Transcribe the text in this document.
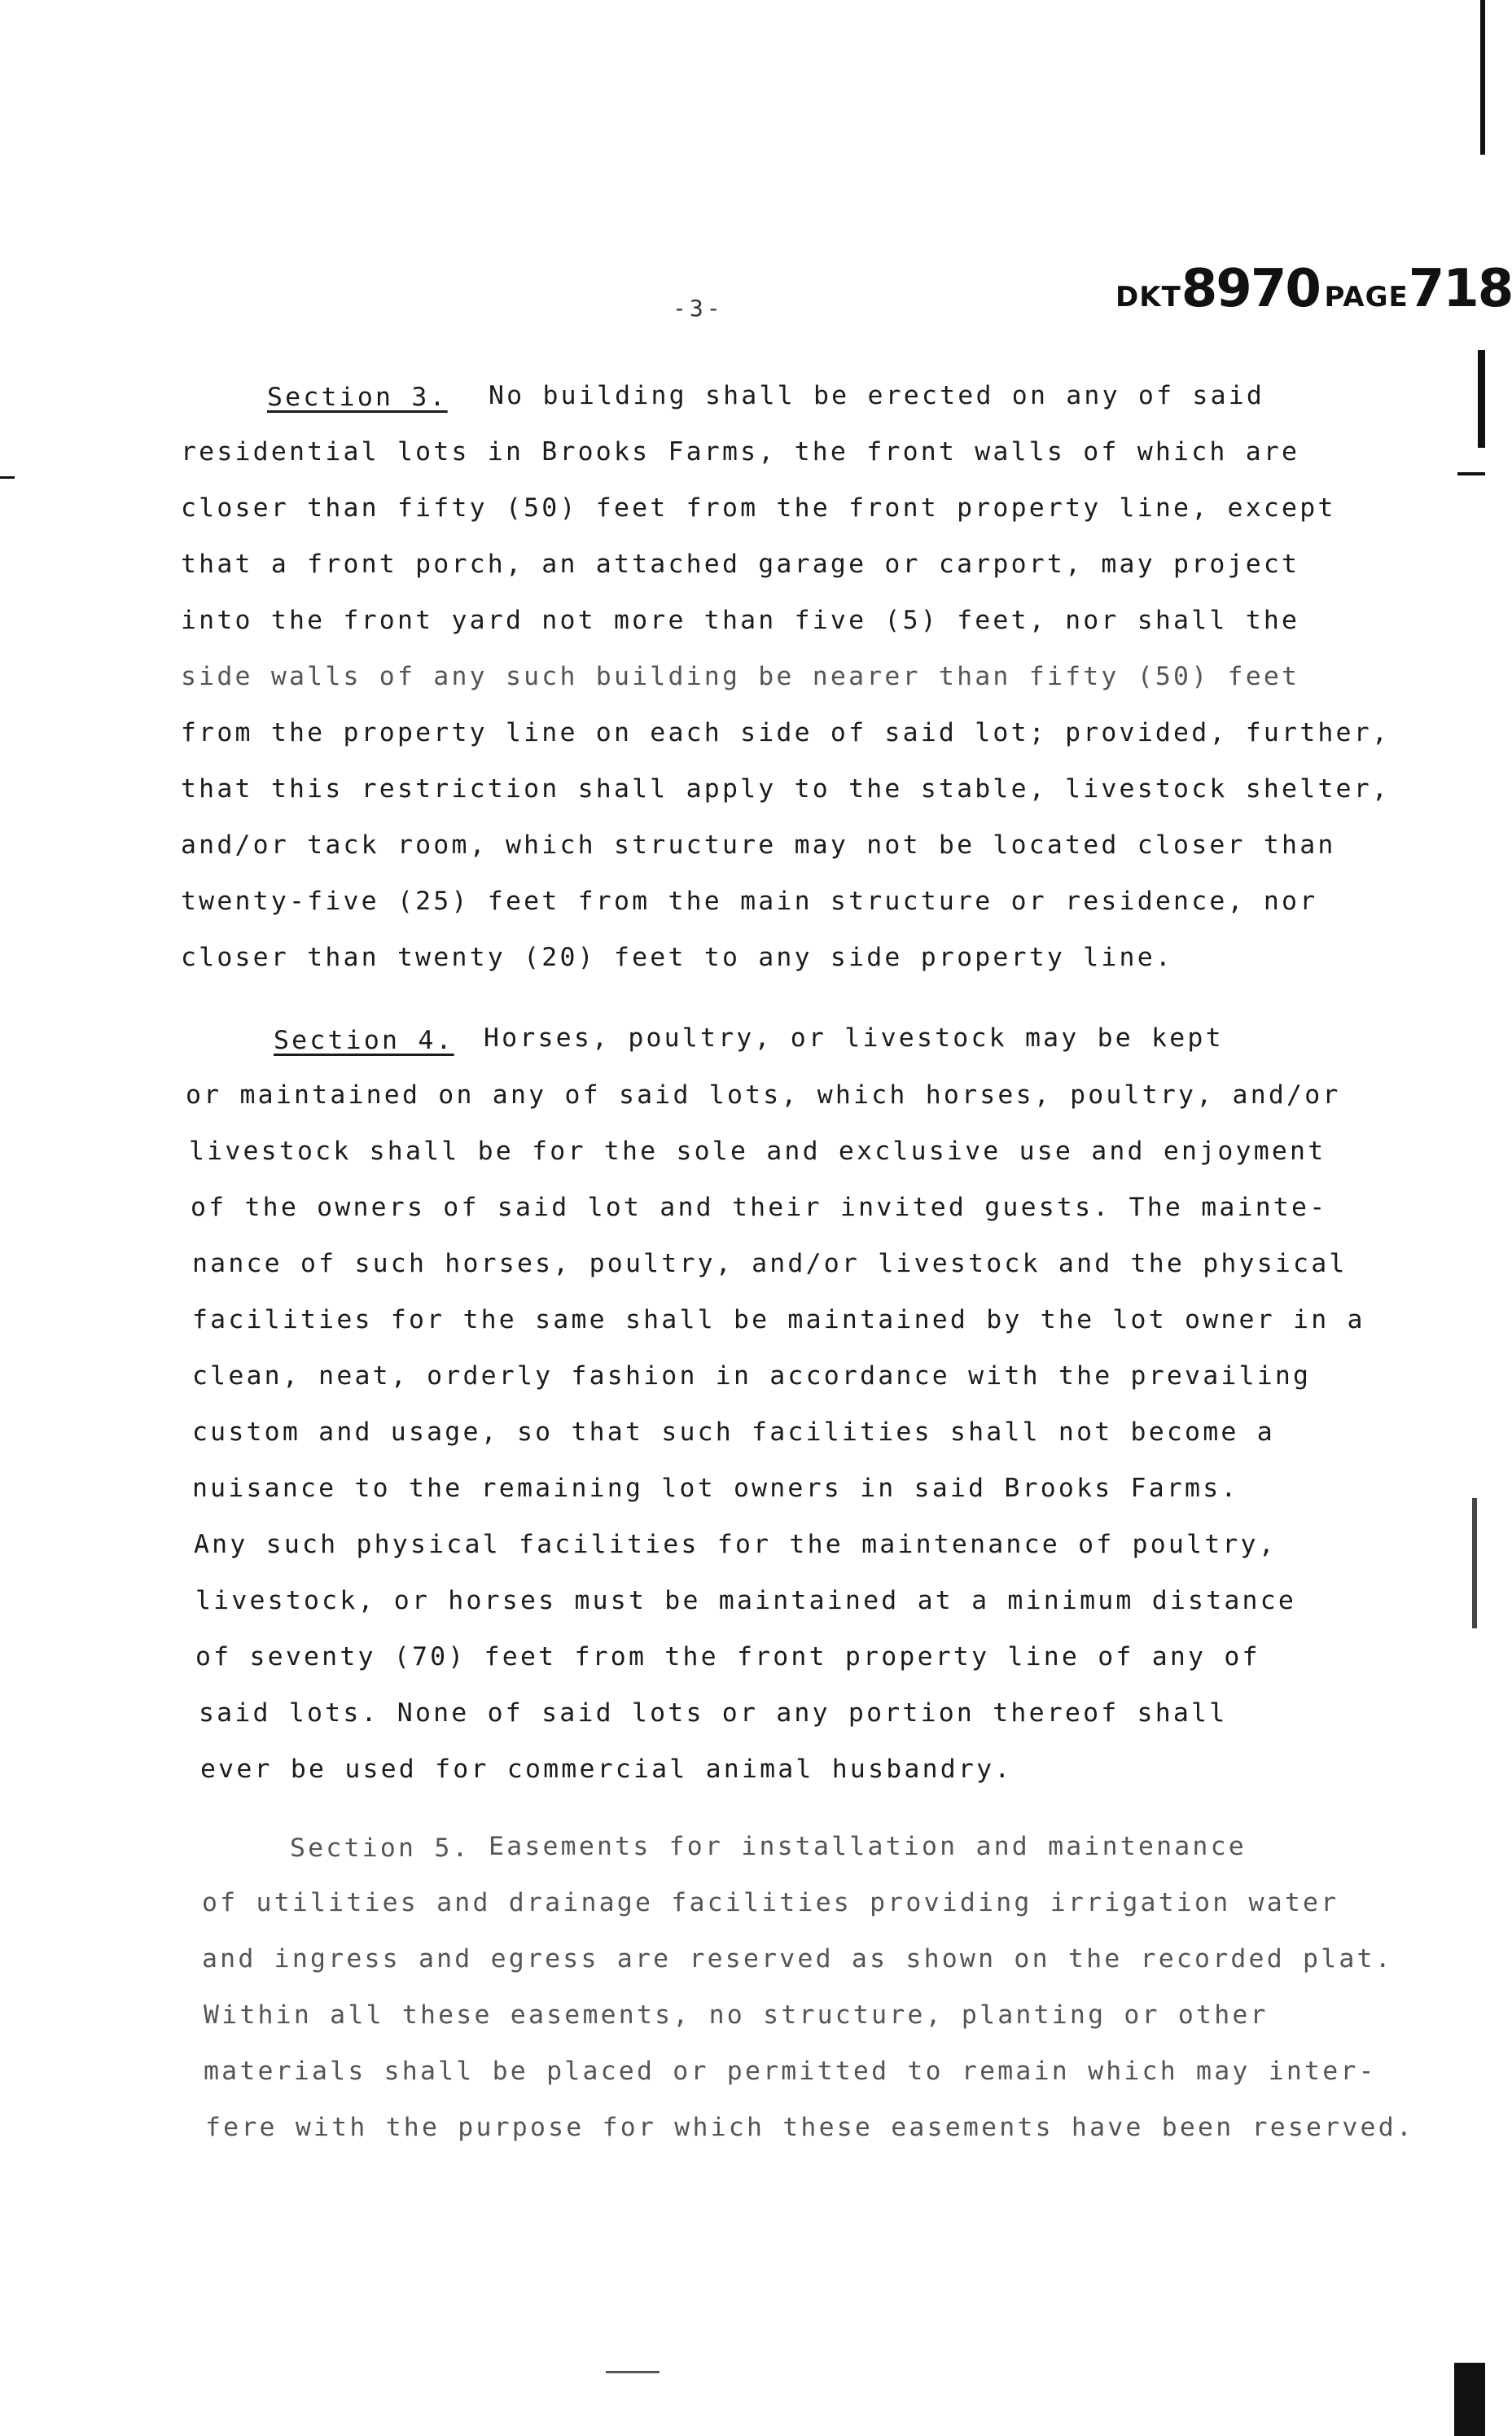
DKT8970 PAGE718
-3-
Section 3. No building shall be erected on any of said
residential lots in Brooks Farms, the front walls of which are
closer than fifty (50) feet from the front property line, except
that a front porch, an attached garage or carport, may project
into the front yard not more than five (5) feet, nor shall the
side walls of any such building be nearer than fifty (50) feet
from the property line on each side of said lot; provided, further,
that this restriction shall apply to the stable, livestock shelter,
and/or tack room, which structure may not be located closer than
twenty-five (25) feet from the main structure or residence, nor
closer than twenty (20) feet to any side property line.
Section 4. Horses, poultry, or livestock may be kept
or maintained on any of said lots, which horses, poultry, and/or
livestock shall be for the sole and exclusive use and enjoyment
of the owners of said lot and their invited guests. The mainte-
nance of such horses, poultry, and/or livestock and the physical
facilities for the same shall be maintained by the lot owner in a
clean, neat, orderly fashion in accordance with the prevailing
custom and usage, so that such facilities shall not become a
nuisance to the remaining lot owners in said Brooks Farms.
Any such physical facilities for the maintenance of poultry,
livestock, or horses must be maintained at a minimum distance
of seventy (70) feet from the front property line of any of
said lots. None of said lots or any portion thereof shall
ever be used for commercial animal husbandry.
Section 5. Easements for installation and maintenance
of utilities and drainage facilities providing irrigation water
and ingress and egress are reserved as shown on the recorded plat.
Within all these easements, no structure, planting or other
materials shall be placed or permitted to remain which may inter-
fere with the purpose for which these easements have been reserved.
